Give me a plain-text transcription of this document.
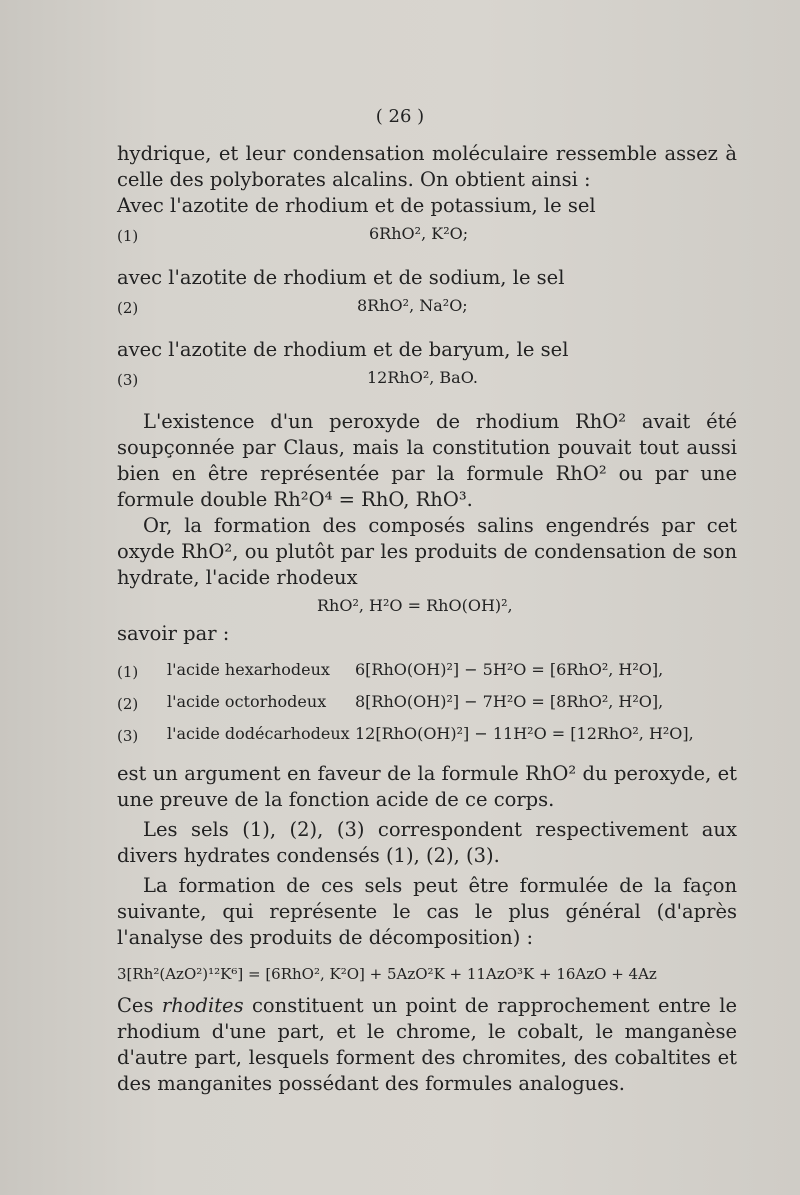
( 26 )

hydrique, et leur condensation moléculaire ressemble assez à celle des polyborates alcalins. On obtient ainsi :

Avec l'azotite de rhodium et de potassium, le sel

(1)	6RhO², K²O;

avec l'azotite de rhodium et de sodium, le sel

(2)	8RhO², Na²O;

avec l'azotite de rhodium et de baryum, le sel

(3)	12RhO², BaO.

L'existence d'un peroxyde de rhodium RhO² avait été soupçonnée par Claus, mais la constitution pouvait tout aussi bien en être représentée par la formule RhO² ou par une formule double Rh²O⁴ = RhO, RhO³.

Or, la formation des composés salins engendrés par cet oxyde RhO², ou plutôt par les produits de condensation de son hydrate, l'acide rhodeux

RhO², H²O = RhO(OH)²,

savoir par :

(1) l'acide hexarhodeux 6[RhO(OH)²] − 5H²O = [6RhO², H²O],
(2) l'acide octorhodeux 8[RhO(OH)²] − 7H²O = [8RhO², H²O],
(3) l'acide dodécarhodeux 12[RhO(OH)²] − 11H²O = [12RhO², H²O],

est un argument en faveur de la formule RhO² du peroxyde, et une preuve de la fonction acide de ce corps.

Les sels (1), (2), (3) correspondent respectivement aux divers hydrates condensés (1), (2), (3).

La formation de ces sels peut être formulée de la façon suivante, qui représente le cas le plus général (d'après l'analyse des produits de décomposition) :

3[Rh²(AzO²)¹²K⁶] = [6RhO², K²O] + 5AzO²K + 11AzO³K + 16AzO + 4Az

Ces rhodites constituent un point de rapprochement entre le rhodium d'une part, et le chrome, le cobalt, le manganèse d'autre part, lesquels forment des chromites, des cobaltites et des manganites possédant des formules analogues.
